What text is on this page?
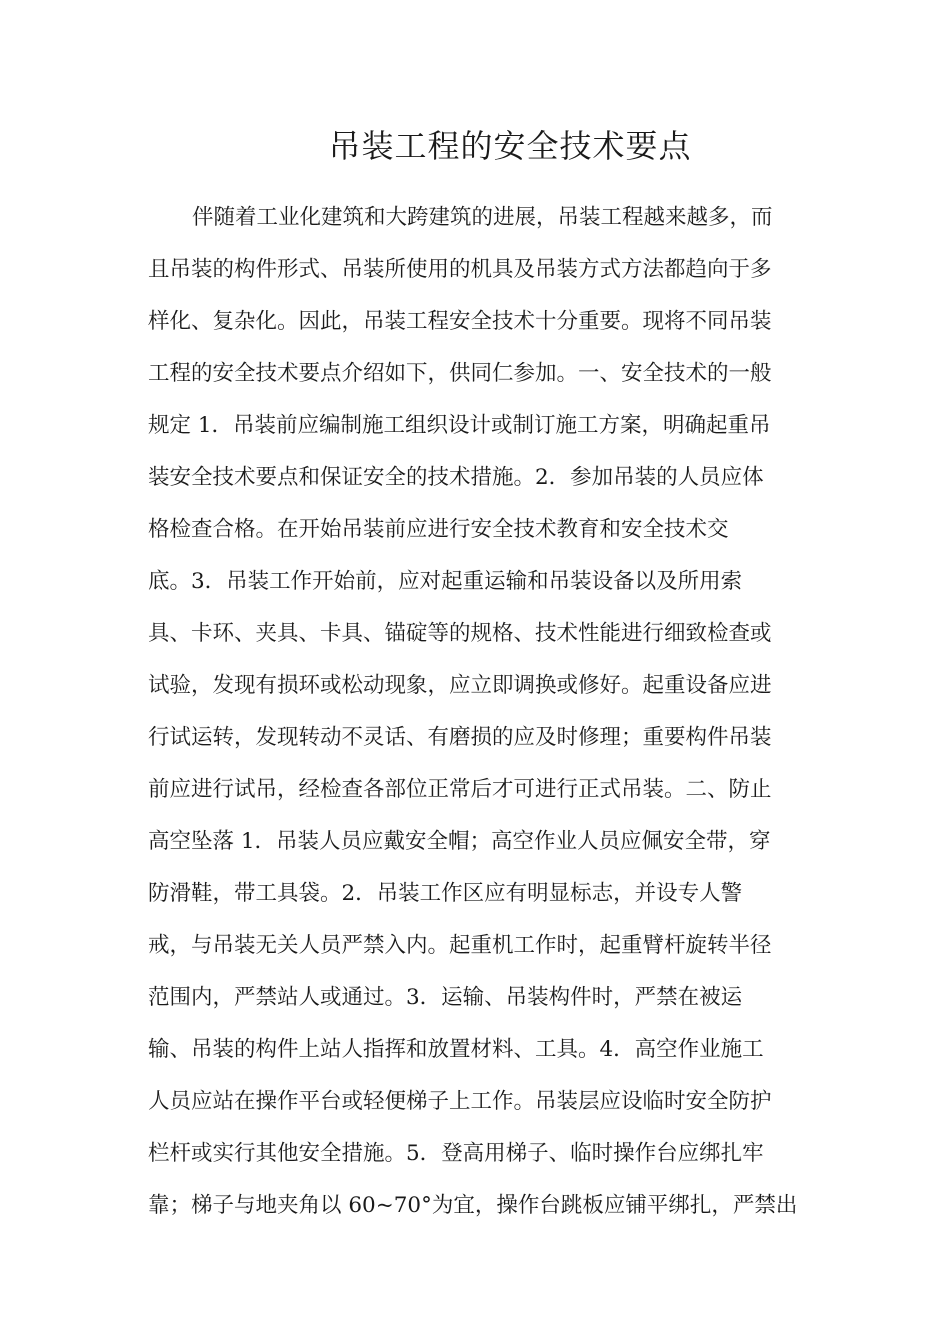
吊装工程的安全技术要点
伴随着工业化建筑和大跨建筑的进展，吊装工程越来越多，而
且吊装的构件形式、吊装所使用的机具及吊装方式方法都趋向于多
样化、复杂化。因此，吊装工程安全技术十分重要。现将不同吊装
工程的安全技术要点介绍如下，供同仁参加。一、安全技术的一般
规定 1．吊装前应编制施工组织设计或制订施工方案，明确起重吊
装安全技术要点和保证安全的技术措施。2．参加吊装的人员应体
格检查合格。在开始吊装前应进行安全技术教育和安全技术交
底。3．吊装工作开始前，应对起重运输和吊装设备以及所用索
具、卡环、夹具、卡具、锚碇等的规格、技术性能进行细致检查或
试验，发现有损环或松动现象，应立即调换或修好。起重设备应进
行试运转，发现转动不灵话、有磨损的应及时修理；重要构件吊装
前应进行试吊，经检查各部位正常后才可进行正式吊装。二、防止
高空坠落 1．吊装人员应戴安全帽；高空作业人员应佩安全带，穿
防滑鞋，带工具袋。2．吊装工作区应有明显标志，并设专人警
戒，与吊装无关人员严禁入内。起重机工作时，起重臂杆旋转半径
范围内，严禁站人或通过。3．运输、吊装构件时，严禁在被运
输、吊装的构件上站人指挥和放置材料、工具。4．高空作业施工
人员应站在操作平台或轻便梯子上工作。吊装层应设临时安全防护
栏杆或实行其他安全措施。5．登高用梯子、临时操作台应绑扎牢
靠；梯子与地夹角以 60~70°为宜，操作台跳板应铺平绑扎，严禁出
